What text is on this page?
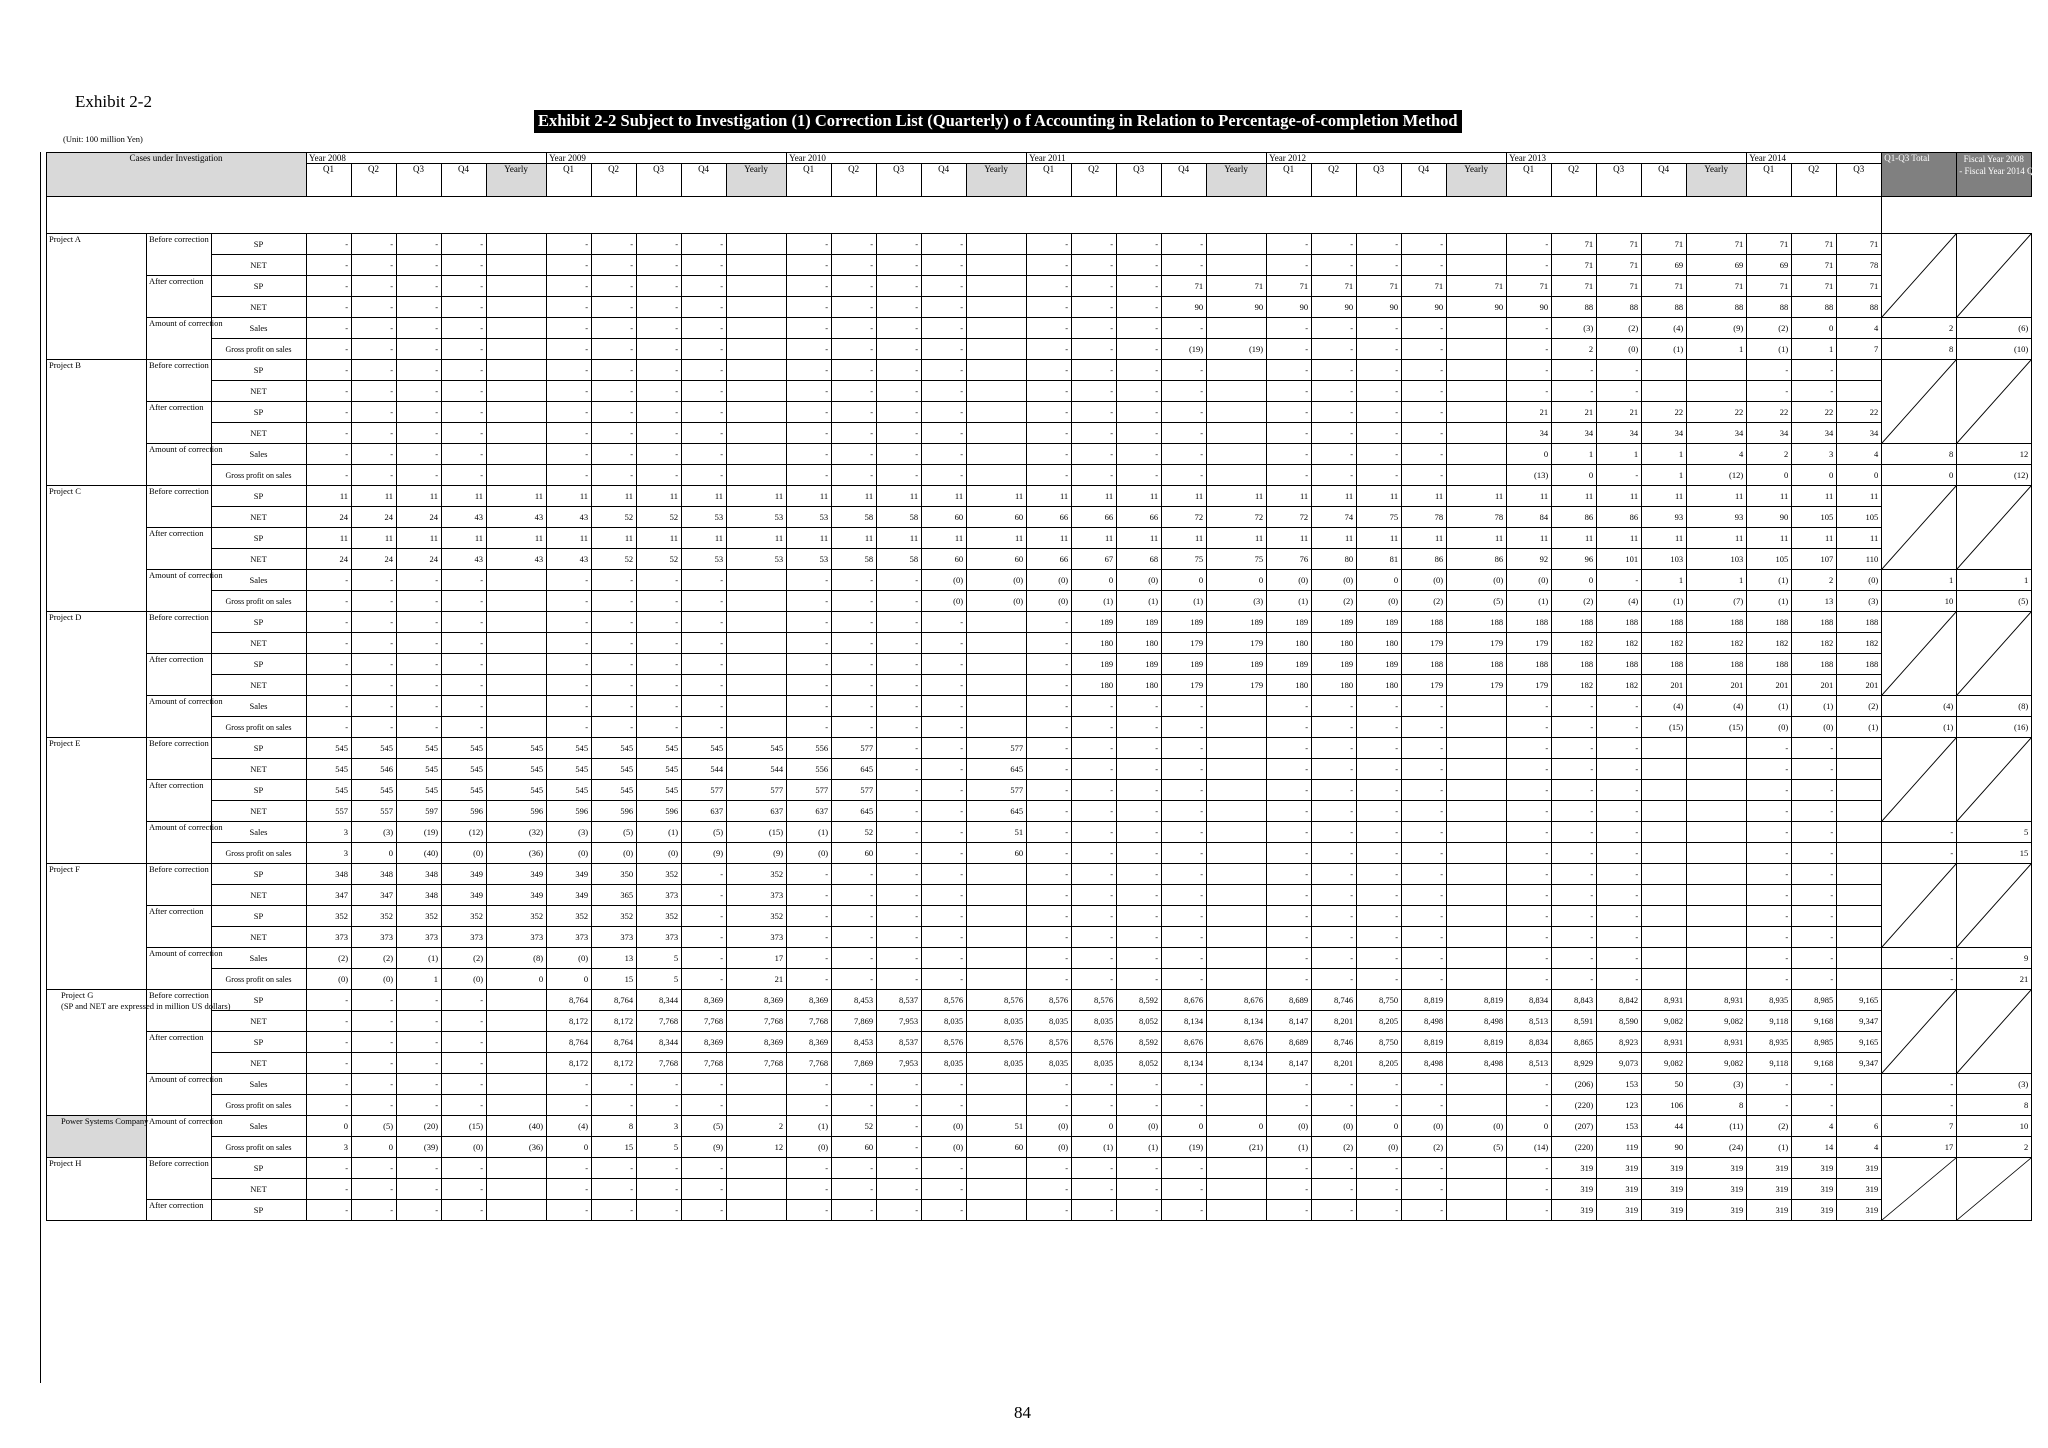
Exhibit 2-2
Exhibit 2-2 Subject to Investigation (1) Correction List (Quarterly) o f Accounting in Relation to Percentage-of-completion Method
(Unit: 100 million Yen)
Cases under Investigation			Year 2008					Year 2009					Year 2010					Year 2011					Year 2012					Year 2013					Year 2014			Q1-Q3 Total	Fiscal Year 2008
- Fiscal Year 2014 Q3

			Q1	Q2	Q3	Q4	Yearly	Q1	Q2	Q3	Q4	Yearly	Q1	Q2	Q3	Q4	Yearly	Q1	Q2	Q3	Q4	Yearly	Q1	Q2	Q3	Q4	Yearly	Q1	Q2	Q3	Q4	Yearly	Q1	Q2	Q3		

Project A	Before correction	SP	-	-	-	-		-	-	-	-		-	-	-	-		-	-	-	-		-	-	-	-		-	71	71	71	71	71	71	71	

		NET	-	-	-	-		-	-	-	-		-	-	-	-		-	-	-	-		-	-	-	-		-	71	71	69	69	69	71	78		
	After correction	SP	-	-	-	-		-	-	-	-		-	-	-	-		-	-	-	71	71	71	71	71	71	71	71	71	71	71	71	71	71	71		
		NET	-	-	-	-		-	-	-	-		-	-	-	-		-	-	-	90	90	90	90	90	90	90	90	88	88	88	88	88	88	88		
	Amount of correction	Sales	-	-	-	-		-	-	-	-		-	-	-	-		-	-	-	-		-	-	-	-		-	(3)	(2)	(4)	(9)	(2)	0	4	2	(6)
		Gross profit on sales	-	-	-	-		-	-	-	-		-	-	-	-		-	-	-	(19)	(19)	-	-	-	-		-	2	(0)	(1)	1	(1)	1	7	8	(10)

Project B	Before correction	SP	-	-	-	-		-	-	-	-		-	-	-	-		-	-	-	-		-	-	-	-		-	-	-			-	-		

		NET	-	-	-	-		-	-	-	-		-	-	-	-		-	-	-	-		-	-	-	-		-	-	-			-	-			
	After correction	SP	-	-	-	-		-	-	-	-		-	-	-	-		-	-	-	-		-	-	-	-		21	21	21	22	22	22	22	22		
		NET	-	-	-	-		-	-	-	-		-	-	-	-		-	-	-	-		-	-	-	-		34	34	34	34	34	34	34	34		
	Amount of correction	Sales	-	-	-	-		-	-	-	-		-	-	-	-		-	-	-	-		-	-	-	-		0	1	1	1	4	2	3	4	8	12
		Gross profit on sales	-	-	-	-		-	-	-	-		-	-	-	-		-	-	-	-		-	-	-	-		(13)	0	-	1	(12)	0	0	0	0	(12)

Project C	Before correction	SP	11	11	11	11	11	11	11	11	11	11	11	11	11	11	11	11	11	11	11	11	11	11	11	11	11	11	11	11	11	11	11	11	11	

		NET	24	24	24	43	43	43	52	52	53	53	53	58	58	60	60	66	66	66	72	72	72	74	75	78	78	84	86	86	93	93	90	105	105		
	After correction	SP	11	11	11	11	11	11	11	11	11	11	11	11	11	11	11	11	11	11	11	11	11	11	11	11	11	11	11	11	11	11	11	11	11		
		NET	24	24	24	43	43	43	52	52	53	53	53	58	58	60	60	66	67	68	75	75	76	80	81	86	86	92	96	101	103	103	105	107	110		
	Amount of correction	Sales	-	-	-	-		-	-	-	-		-	-	-	(0)	(0)	(0)	0	(0)	0	0	(0)	(0)	0	(0)	(0)	(0)	0	-	1	1	(1)	2	(0)	1	1
		Gross profit on sales	-	-	-	-		-	-	-	-		-	-	-	(0)	(0)	(0)	(1)	(1)	(1)	(3)	(1)	(2)	(0)	(2)	(5)	(1)	(2)	(4)	(1)	(7)	(1)	13	(3)	10	(5)

Project D	Before correction	SP	-	-	-	-		-	-	-	-		-	-	-	-		-	189	189	189	189	189	189	189	188	188	188	188	188	188	188	188	188	188	

		NET	-	-	-	-		-	-	-	-		-	-	-	-		-	180	180	179	179	180	180	180	179	179	179	182	182	182	182	182	182	182		
	After correction	SP	-	-	-	-		-	-	-	-		-	-	-	-		-	189	189	189	189	189	189	189	188	188	188	188	188	188	188	188	188	188		
		NET	-	-	-	-		-	-	-	-		-	-	-	-		-	180	180	179	179	180	180	180	179	179	179	182	182	201	201	201	201	201		
	Amount of correction	Sales	-	-	-	-		-	-	-	-		-	-	-	-		-	-	-	-		-	-	-	-		-	-	-	(4)	(4)	(1)	(1)	(2)	(4)	(8)
		Gross profit on sales	-	-	-	-		-	-	-	-		-	-	-	-		-	-	-	-		-	-	-	-		-	-	-	(15)	(15)	(0)	(0)	(1)	(1)	(16)

Project E	Before correction	SP	545	545	545	545	545	545	545	545	545	545	556	577	-	-	577	-	-	-	-		-	-	-	-		-	-	-			-	-		

		NET	545	546	545	545	545	545	545	545	544	544	556	645	-	-	645	-	-	-	-		-	-	-	-		-	-	-			-	-			
	After correction	SP	545	545	545	545	545	545	545	545	577	577	577	577	-	-	577	-	-	-	-		-	-	-	-		-	-	-			-	-			
		NET	557	557	597	596	596	596	596	596	637	637	637	645	-	-	645	-	-	-	-		-	-	-	-		-	-	-			-	-			
	Amount of correction	Sales	3	(3)	(19)	(12)	(32)	(3)	(5)	(1)	(5)	(15)	(1)	52	-	-	51	-	-	-	-		-	-	-	-		-	-	-			-	-		-	5
		Gross profit on sales	3	0	(40)	(0)	(36)	(0)	(0)	(0)	(9)	(9)	(0)	60	-	-	60	-	-	-	-		-	-	-	-		-	-	-			-	-		-	15

Project F	Before correction	SP	348	348	348	349	349	349	350	352	-	352	-	-	-	-		-	-	-	-		-	-	-	-		-	-	-			-	-		

		NET	347	347	348	349	349	349	365	373	-	373	-	-	-	-		-	-	-	-		-	-	-	-		-	-	-			-	-			
	After correction	SP	352	352	352	352	352	352	352	352	-	352	-	-	-	-		-	-	-	-		-	-	-	-		-	-	-			-	-			
		NET	373	373	373	373	373	373	373	373	-	373	-	-	-	-		-	-	-	-		-	-	-	-		-	-	-			-	-			
	Amount of correction	Sales	(2)	(2)	(1)	(2)	(8)	(0)	13	5	-	17	-	-	-	-		-	-	-	-		-	-	-	-		-	-	-			-	-		-	9
		Gross profit on sales	(0)	(0)	1	(0)	0	0	15	5	-	21	-	-	-	-		-	-	-	-		-	-	-	-		-	-	-			-	-		-	21

Project G
(SP and NET are expressed in million US dollars)	Before correction	SP	-	-	-	-		8,764	8,764	8,344	8,369	8,369	8,369	8,453	8,537	8,576	8,576	8,576	8,576	8,592	8,676	8,676	8,689	8,746	8,750	8,819	8,819	8,834	8,843	8,842	8,931	8,931	8,935	8,985	9,165	

		NET	-	-	-	-		8,172	8,172	7,768	7,768	7,768	7,768	7,869	7,953	8,035	8,035	8,035	8,035	8,052	8,134	8,134	8,147	8,201	8,205	8,498	8,498	8,513	8,591	8,590	9,082	9,082	9,118	9,168	9,347		
	After correction	SP	-	-	-	-		8,764	8,764	8,344	8,369	8,369	8,369	8,453	8,537	8,576	8,576	8,576	8,576	8,592	8,676	8,676	8,689	8,746	8,750	8,819	8,819	8,834	8,865	8,923	8,931	8,931	8,935	8,985	9,165		
		NET	-	-	-	-		8,172	8,172	7,768	7,768	7,768	7,768	7,869	7,953	8,035	8,035	8,035	8,035	8,052	8,134	8,134	8,147	8,201	8,205	8,498	8,498	8,513	8,929	9,073	9,082	9,082	9,118	9,168	9,347		
	Amount of correction	Sales	-	-	-	-		-	-	-	-		-	-	-	-		-	-	-	-		-	-	-	-		-	(206)	153	50	(3)	-	-		-	(3)
		Gross profit on sales	-	-	-	-		-	-	-	-		-	-	-	-		-	-	-	-		-	-	-	-		-	(220)	123	106	8	-	-		-	8
Power Systems Company	Amount of correction	Sales	0	(5)	(20)	(15)	(40)	(4)	8	3	(5)	2	(1)	52	-	(0)	51	(0)	0	(0)	0	0	(0)	(0)	0	(0)	(0)	0	(207)	153	44	(11)	(2)	4	6	7	10
		Gross profit on sales	3	0	(39)	(0)	(36)	0	15	5	(9)	12	(0)	60	-	(0)	60	(0)	(1)	(1)	(19)	(21)	(1)	(2)	(0)	(2)	(5)	(14)	(220)	119	90	(24)	(1)	14	4	17	2
Project H	Before correction	SP	-	-	-	-		-	-	-	-		-	-	-	-		-	-	-	-		-	-	-	-		-	319	319	319	319	319	319	319	

		NET	-	-	-	-		-	-	-	-		-	-	-	-		-	-	-	-		-	-	-	-		-	319	319	319	319	319	319	319		
	After correction	SP	-	-	-	-		-	-	-	-		-	-	-	-		-	-	-	-		-	-	-	-		-	319	319	319	319	319	319	319		
84
